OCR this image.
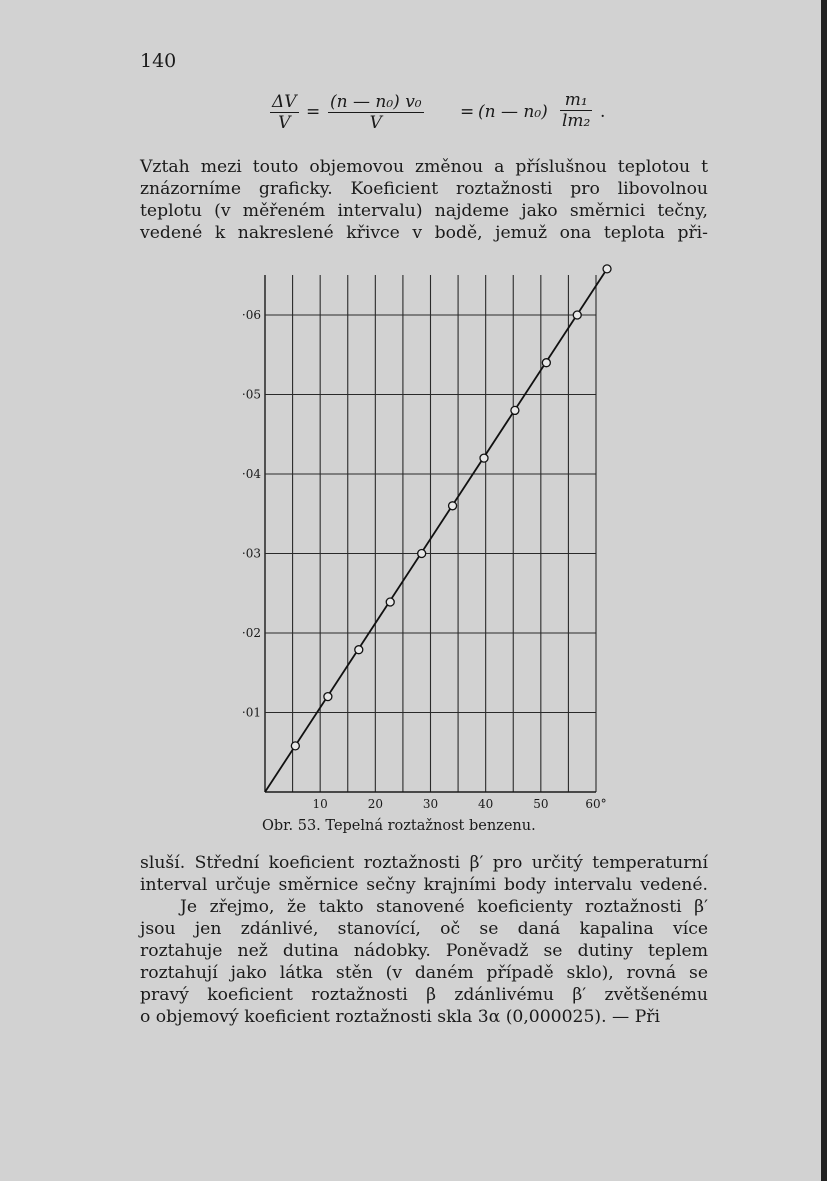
140
$\frac{\Delta V}{V} = \frac{\text{(n — n₀) v₀}}{V} = (n$ — $n_0) \frac{\text{m₁}}{\text{lm₂}}$ .
Vztah mezi touto objemovou změnou a příslušnou teplotou t
znázorníme graficky. Koeficient roztažnosti pro libovolnou
teplotu (v měřeném intervalu) najdeme jako směrnici tečny,
vedené k nakreslené křivce v bodě, jemuž ona teplota při-
·01
·02
·03
·04
·05
·06
10	20	30	40	50	60°
Obr. 53. Tepelná roztažnost benzenu.
sluší. Střední koeficient roztažnosti β′ pro určitý temperaturní
interval určuje směrnice sečny krajními body intervalu vedené.
Je zřejmo, že takto stanovené koeficienty roztažnosti β′
jsou jen zdánlivé, stanovící, oč se daná kapalina více
roztahuje než dutina nádobky. Poněvadž se dutiny teplem
roztahují jako látka stěn (v daném případě sklo), rovná se
pravý koeficient roztažnosti β zdánlivému β′ zvětšenému
o objemový koeficient roztažnosti skla 3α (0,000025). — Při
